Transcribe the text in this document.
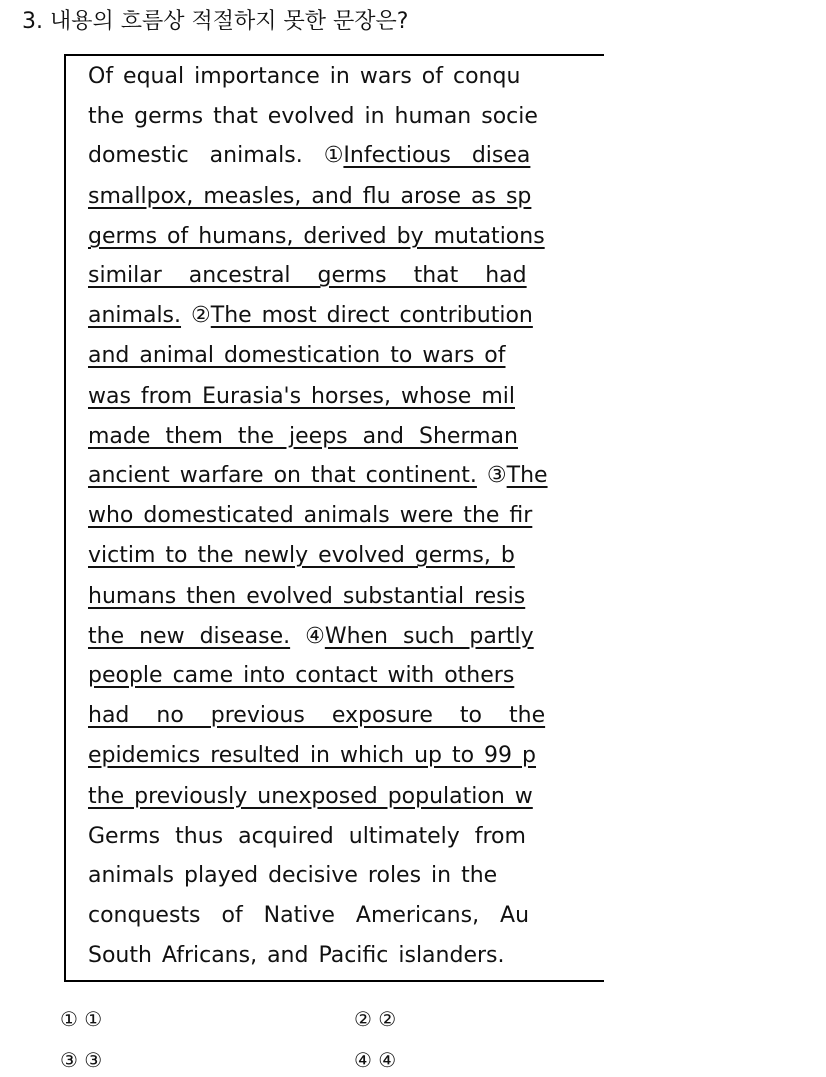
3. 내용의 흐름상 적절하지 못한 문장은?
Of equal importance in wars of conqu
the germs that evolved in human socie
domestic animals. ①Infectious disea
smallpox, measles, and flu arose as sp
germs of humans, derived by mutations
similar ancestral germs that had
animals. ②The most direct contribution
and animal domestication to wars of
was from Eurasia's horses, whose mil
made them the jeeps and Sherman
ancient warfare on that continent. ③The
who domesticated animals were the fir
victim to the newly evolved germs, b
humans then evolved substantial resis
the new disease. ④When such partly
people came into contact with others
had no previous exposure to the
epidemics resulted in which up to 99 p
the previously unexposed population w
Germs thus acquired ultimately from
animals played decisive roles in the
conquests of Native Americans, Au
South Africans, and Pacific islanders.
① ①	② ②
③ ③	④ ④
